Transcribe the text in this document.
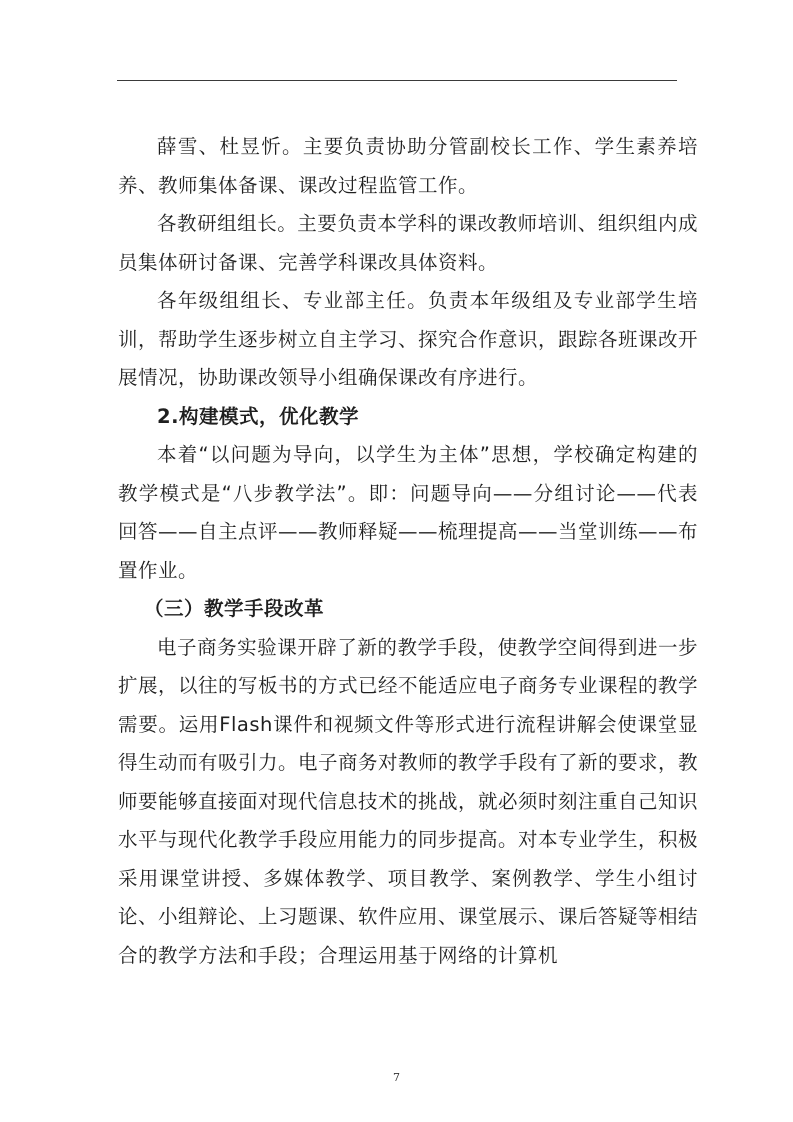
薛雪、杜昱忻。主要负责协助分管副校长工作、学生素养培养、教师集体备课、课改过程监管工作。

各教研组组长。主要负责本学科的课改教师培训、组织组内成员集体研讨备课、完善学科课改具体资料。

各年级组组长、专业部主任。负责本年级组及专业部学生培训，帮助学生逐步树立自主学习、探究合作意识，跟踪各班课改开展情况，协助课改领导小组确保课改有序进行。

2.构建模式，优化教学

本着“以问题为导向，以学生为主体”思想，学校确定构建的教学模式是“八步教学法”。即：问题导向——分组讨论——代表回答——自主点评——教师释疑——梳理提高——当堂训练——布置作业。

（三）教学手段改革

电子商务实验课开辟了新的教学手段，使教学空间得到进一步扩展，以往的写板书的方式已经不能适应电子商务专业课程的教学需要。运用Flash课件和视频文件等形式进行流程讲解会使课堂显得生动而有吸引力。电子商务对教师的教学手段有了新的要求，教师要能够直接面对现代信息技术的挑战，就必须时刻注重自己知识水平与现代化教学手段应用能力的同步提高。对本专业学生，积极采用课堂讲授、多媒体教学、项目教学、案例教学、学生小组讨论、小组辩论、上习题课、软件应用、课堂展示、课后答疑等相结合的教学方法和手段；合理运用基于网络的计算机

7
